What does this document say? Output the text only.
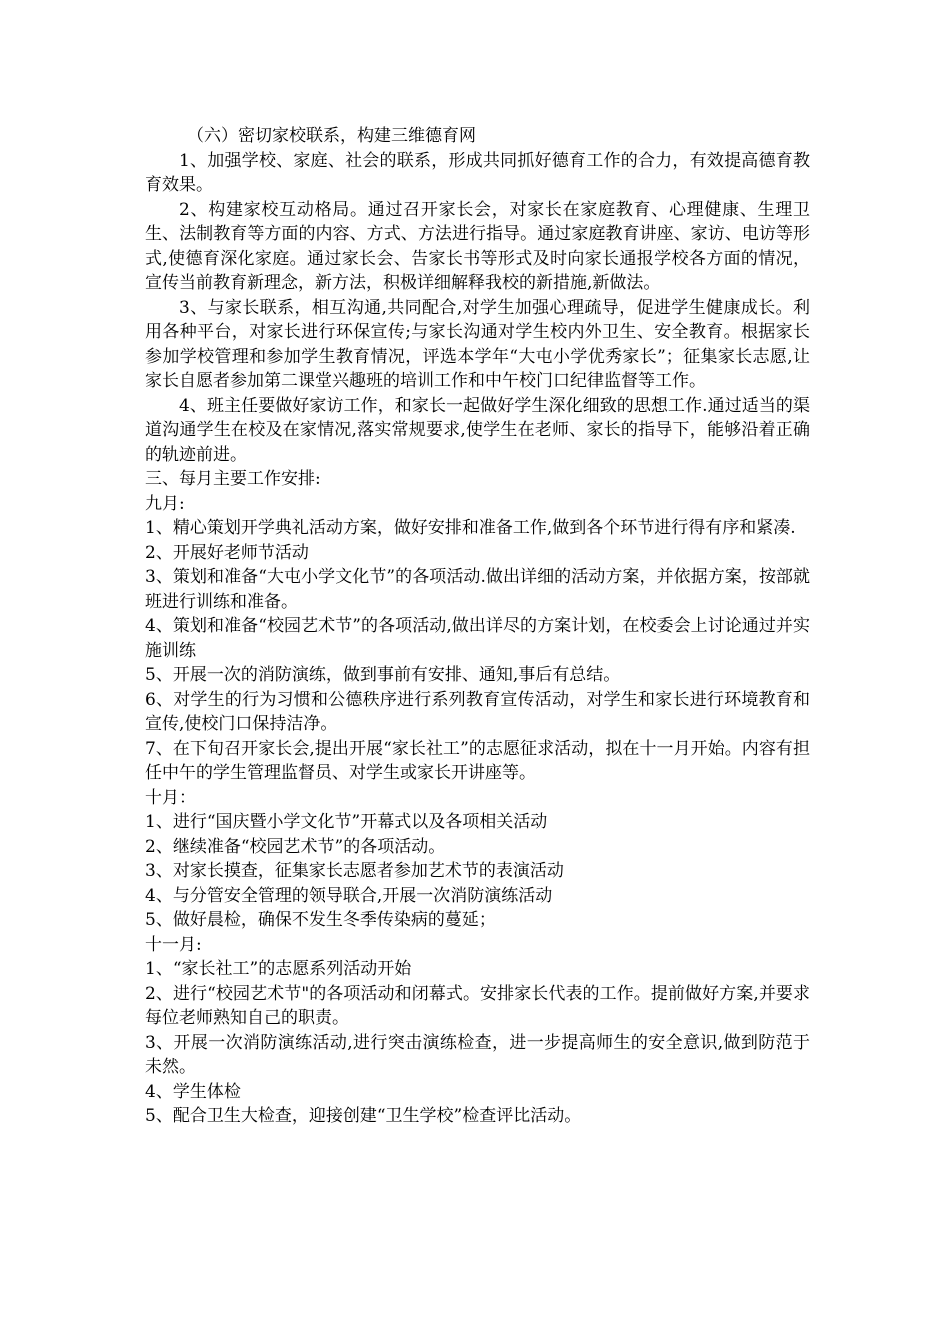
（六）密切家校联系，构建三维德育网

1、加强学校、家庭、社会的联系，形成共同抓好德育工作的合力，有效提高德育教育效果。

2、构建家校互动格局。通过召开家长会，对家长在家庭教育、心理健康、生理卫生、法制教育等方面的内容、方式、方法进行指导。通过家庭教育讲座、家访、电访等形式,使德育深化家庭。通过家长会、告家长书等形式及时向家长通报学校各方面的情况，宣传当前教育新理念，新方法，积极详细解释我校的新措施,新做法。

3、与家长联系，相互沟通,共同配合,对学生加强心理疏导，促进学生健康成长。利用各种平台，对家长进行环保宣传;与家长沟通对学生校内外卫生、安全教育。根据家长参加学校管理和参加学生教育情况，评选本学年“大屯小学优秀家长”；征集家长志愿,让家长自愿者参加第二课堂兴趣班的培训工作和中午校门口纪律监督等工作。

4、班主任要做好家访工作，和家长一起做好学生深化细致的思想工作.通过适当的渠道沟通学生在校及在家情况,落实常规要求,使学生在老师、家长的指导下，能够沿着正确的轨迹前进。

三、每月主要工作安排:

九月:

1、精心策划开学典礼活动方案，做好安排和准备工作,做到各个环节进行得有序和紧凑.

2、开展好老师节活动

3、策划和准备“大屯小学文化节”的各项活动.做出详细的活动方案，并依据方案，按部就班进行训练和准备。

4、策划和准备“校园艺术节”的各项活动,做出详尽的方案计划，在校委会上讨论通过并实施训练

5、开展一次的消防演练，做到事前有安排、通知,事后有总结。

6、对学生的行为习惯和公德秩序进行系列教育宣传活动，对学生和家长进行环境教育和宣传,使校门口保持洁净。

7、在下旬召开家长会,提出开展“家长社工”的志愿征求活动，拟在十一月开始。内容有担任中午的学生管理监督员、对学生或家长开讲座等。

十月：

1、进行“国庆暨小学文化节”开幕式以及各项相关活动

2、继续准备“校园艺术节”的各项活动。

3、对家长摸查，征集家长志愿者参加艺术节的表演活动

4、与分管安全管理的领导联合,开展一次消防演练活动

5、做好晨检，确保不发生冬季传染病的蔓延；

十一月:

1、“家长社工”的志愿系列活动开始

2、进行“校园艺术节"的各项活动和闭幕式。安排家长代表的工作。提前做好方案,并要求每位老师熟知自己的职责。

3、开展一次消防演练活动,进行突击演练检查，进一步提高师生的安全意识,做到防范于未然。

4、学生体检

5、配合卫生大检查，迎接创建“卫生学校”检查评比活动。
